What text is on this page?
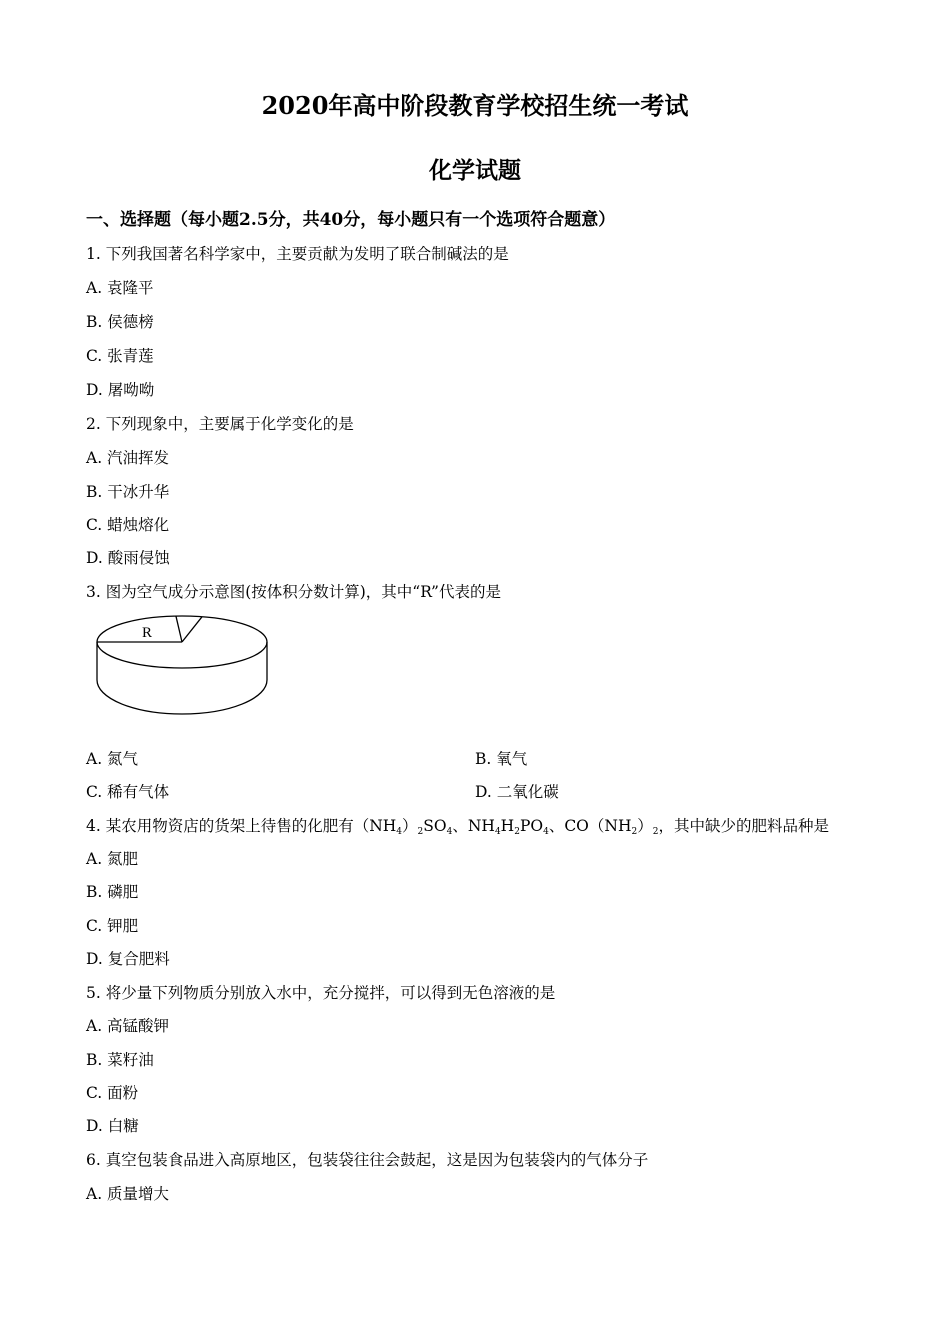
2020年高中阶段教育学校招生统一考试
化学试题
一、选择题（每小题2.5分，共40分，每小题只有一个选项符合题意）
1. 下列我国著名科学家中，主要贡献为发明了联合制碱法的是
A. 袁隆平
B. 侯德榜
C. 张青莲
D. 屠呦呦
2. 下列现象中，主要属于化学变化的是
A. 汽油挥发
B. 干冰升华
C. 蜡烛熔化
D. 酸雨侵蚀
3. 图为空气成分示意图(按体积分数计算)，其中“R”代表的是
R
A. 氮气	B. 氧气
C. 稀有气体	D. 二氧化碳
4. 某农用物资店的货架上待售的化肥有$(NH_4)_2SO_4$、$NH_4H_2PO_4$、$CO(NH_2)_2$，其中缺少的肥料品种是
A. 氮肥
B. 磷肥
C. 钾肥
D. 复合肥料
5. 将少量下列物质分别放入水中，充分搅拌，可以得到无色溶液的是
A. 高锰酸钾
B. 菜籽油
C. 面粉
D. 白糖
6. 真空包装食品进入高原地区，包装袋往往会鼓起，这是因为包装袋内的气体分子
A. 质量增大
